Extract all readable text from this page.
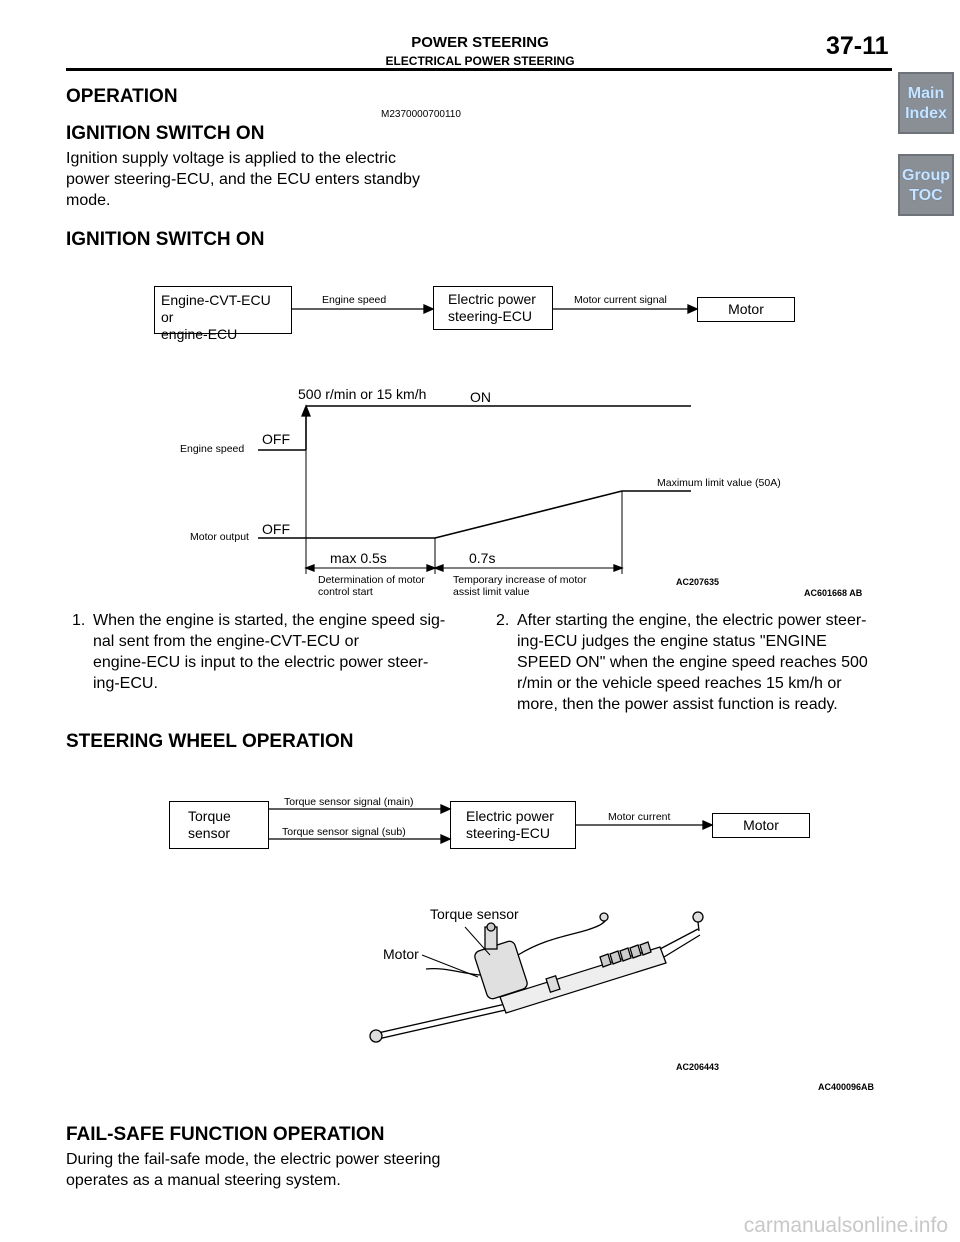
POWER STEERING
ELECTRICAL POWER STEERING
37-11
Main
Index
Group
TOC
OPERATION
M2370000700110
IGNITION SWITCH ON
Ignition supply voltage is applied to the electric
power steering-ECU, and the ECU enters standby
mode.
IGNITION SWITCH ON
Engine-CVT-ECU or
engine-ECU
Engine speed	Electric power
steering-ECU
Motor current signal
Motor
500 r/min or 15 km/h	ON
Engine speed
OFF
Maximum limit value (50A)
Motor output OFF
max 0.5s	0.7s
Determination of motor
control start
Temporary increase of motor
assist limit value
AC207635
AC601668 AB
1. When the engine is started, the engine speed sig-
nal sent from the engine-CVT-ECU or
engine-ECU is input to the electric power steer-
ing-ECU.
2. After starting the engine, the electric power steer-
ing-ECU judges the engine status "ENGINE
SPEED ON" when the engine speed reaches 500
r/min or the vehicle speed reaches 15 km/h or
more, then the power assist function is ready.
STEERING WHEEL OPERATION
Torque
sensor
Torque sensor signal (main)
Torque sensor signal (sub)
Electric power
steering-ECU
Motor current	Motor
Torque sensor
Motor
AC206443
AC400096AB
FAIL-SAFE FUNCTION OPERATION
During the fail-safe mode, the electric power steering
operates as a manual steering system.
carmanualsonline.info
